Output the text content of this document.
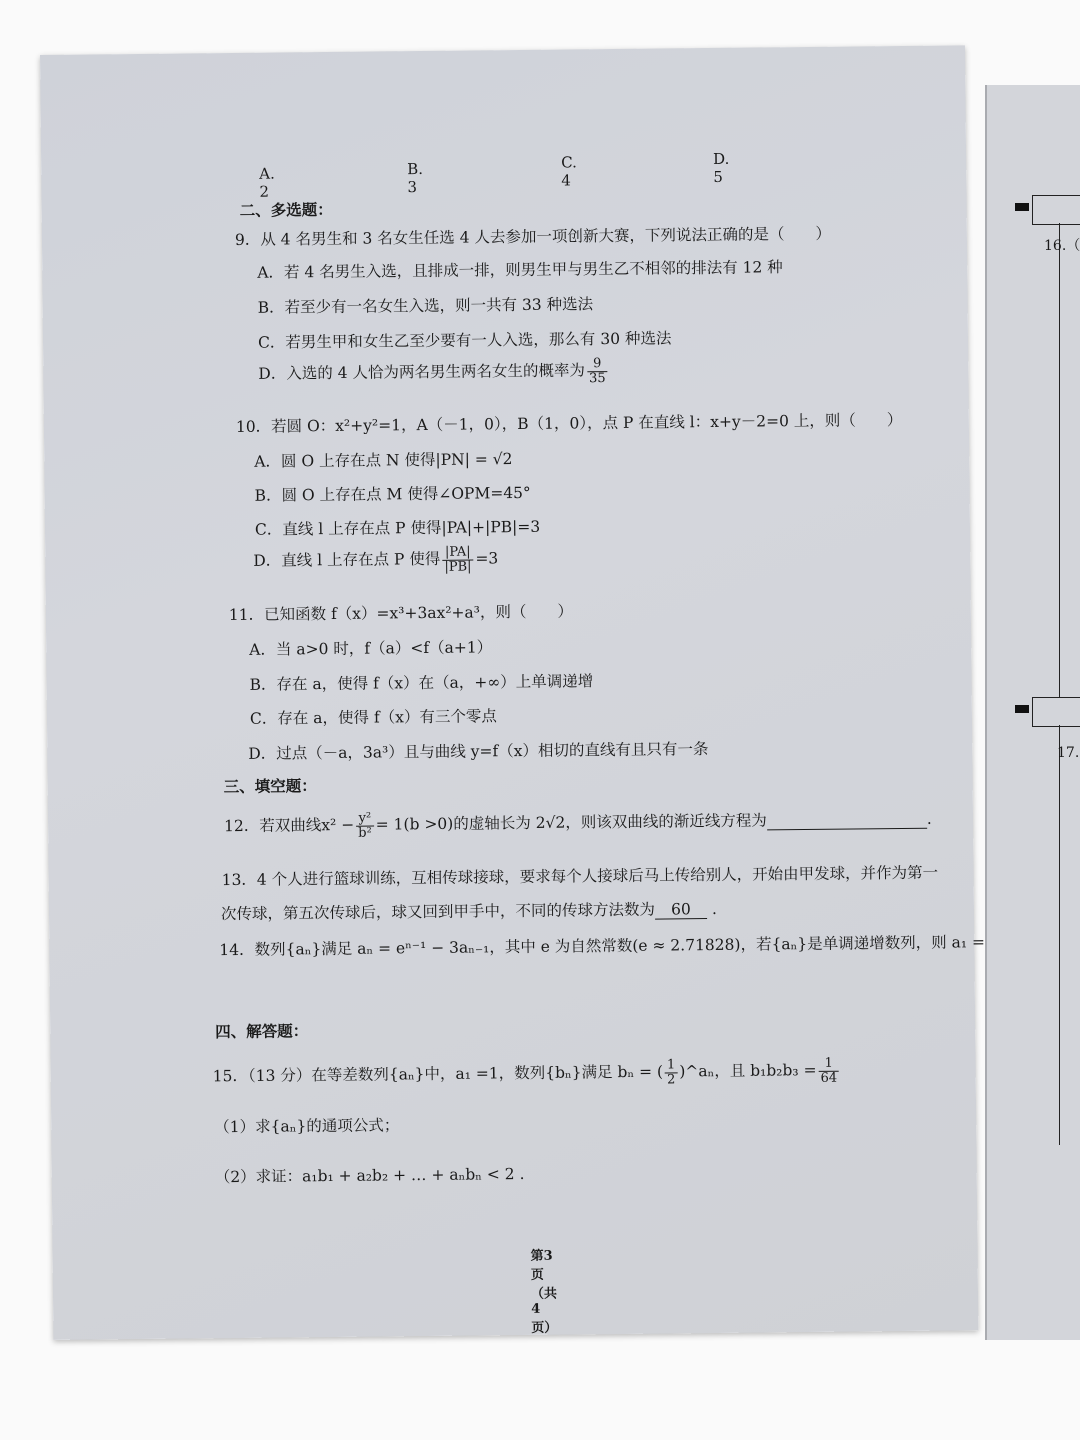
A. 2
B. 3
C. 4
D. 5
二、多选题：
9．从 4 名男生和 3 名女生任选 4 人去参加一项创新大赛，下列说法正确的是（　　）
A．若 4 名男生入选，且排成一排，则男生甲与男生乙不相邻的排法有 12 种
B．若至少有一名女生入选，则一共有 33 种选法
C．若男生甲和女生乙至少要有一人入选，那么有 30 种选法
D．入选的 4 人恰为两名男生两名女生的概率为 $\frac{9}{35}$
10．若圆 O：x²+y²=1，A（－1，0），B（1，0），点 P 在直线 l：x+y－2=0 上，则（　　）
A．圆 O 上存在点 N 使得|PN| = √2
B．圆 O 上存在点 M 使得∠OPM=45°
C．直线 l 上存在点 P 使得|PA|+|PB|=3
D．直线 l 上存在点 P 使得 $\frac{|PA|}{|PB|} =3$
11．已知函数 f（x）=x³+3ax²+a³，则（　　）
A．当 a>0 时，f（a）<f（a+1）
B．存在 a，使得 f（x）在（a，+∞）上单调递增
C．存在 a，使得 f（x）有三个零点
D．过点（－a，3a³）且与曲线 y=f（x）相切的直线有且只有一条
三、填空题：
12．若双曲线$x^2 - \frac{\text{y²}}{\text{b²}} = 1(b >0)$的虚轴长为 2√2，则该双曲线的渐近线方程为	.
13．4 个人进行篮球训练，互相传球接球，要求每个人接球后马上传给别人，开始由甲发球，并作为第一
次传球，第五次传球后，球又回到甲手中，不同的传球方法数为 60 .
14．数列{aₙ}满足 aₙ = eⁿ⁻¹ − 3aₙ₋₁，其中 e 为自然常数(e ≈ 2.71828)，若{aₙ}是单调递增数列，则 a₁ =
四、解答题：
15．（13 分）在等差数列{aₙ}中，a₁ =1，数列{bₙ}满足 bₙ = ( $\frac{1}{2}$ )^aₙ，且 $b_1b_2b_3 = \frac{1}{64}$
（1）求{aₙ}的通项公式；
（2）求证：a₁b₁ + a₂b₂ + … + aₙbₙ < 2 .
第3页（共4页）
16.（
17.
